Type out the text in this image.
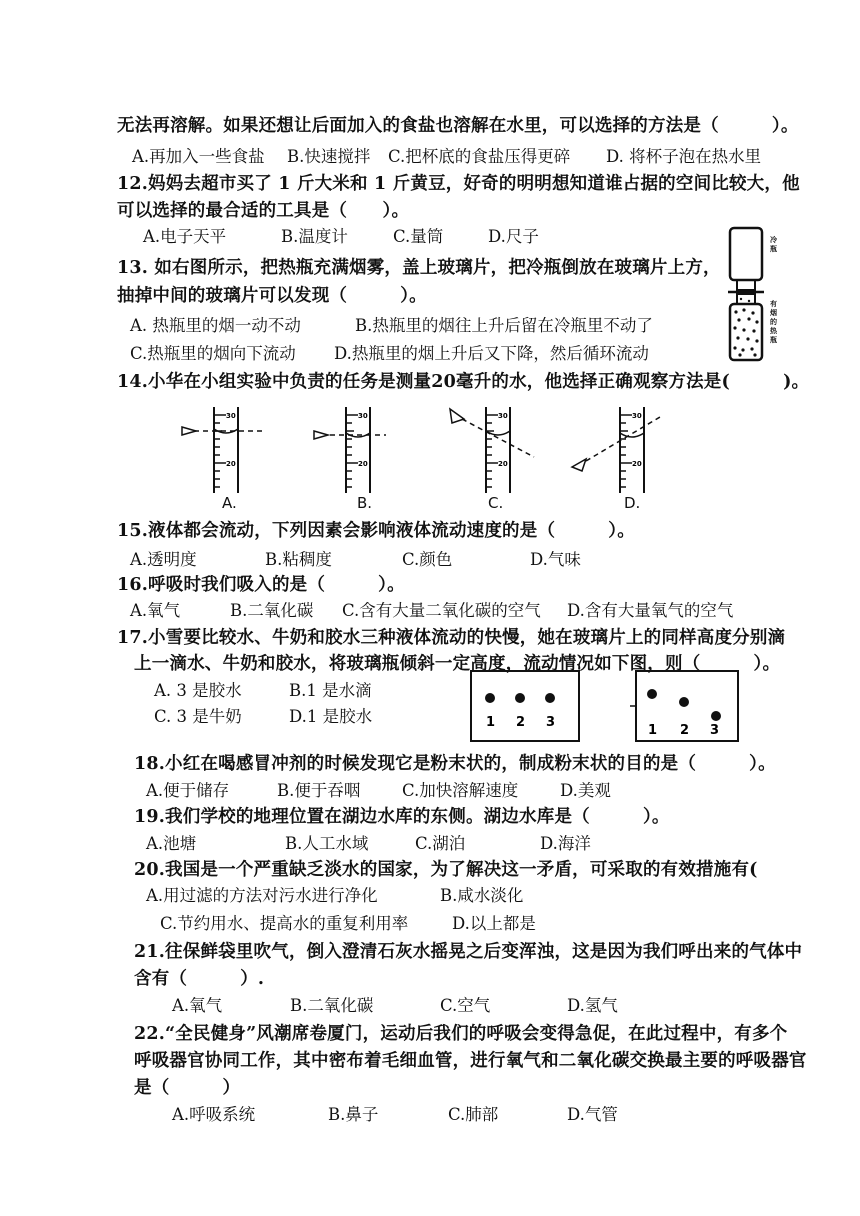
无法再溶解。如果还想让后面加入的食盐也溶解在水里，可以选择的方法是（　　　）。
A.再加入一些食盐 B.快速搅拌 C.把杯底的食盐压得更碎 D. 将杯子泡在热水里
12.妈妈去超市买了 1 斤大米和 1 斤黄豆，好奇的明明想知道谁占据的空间比较大，他
可以选择的最合适的工具是（　　）。
A.电子天平	B.温度计	C.量筒	D.尺子
13. 如右图所示，把热瓶充满烟雾，盖上玻璃片，把冷瓶倒放在玻璃片上方，
抽掉中间的玻璃片可以发现（　　　）。
A. 热瓶里的烟一动不动	B.热瓶里的烟往上升后留在冷瓶里不动了
C.热瓶里的烟向下流动 D.热瓶里的烟上升后又下降，然后循环流动
冷瓶
有烟的热瓶
14.小华在小组实验中负责的任务是测量20毫升的水，他选择正确观察方法是(　　　)。
30
20
A.
30
20
B.
30
20
C.
30
20
D.
15.液体都会流动，下列因素会影响液体流动速度的是（　　　）。
A.透明度	B.粘稠度	C.颜色	D.气味
16.呼吸时我们吸入的是（　　　）。
A.氧气	B.二氧化碳 C.含有大量二氧化碳的空气 D.含有大量氧气的空气
17.小雪要比较水、牛奶和胶水三种液体流动的快慢，她在玻璃片上的同样高度分别滴
上一滴水、牛奶和胶水，将玻璃瓶倾斜一定高度，流动情况如下图，则（　　　）。
A. 3 是胶水	B.1 是水滴
C. 3 是牛奶	D.1 是胶水	1 2 3
1 2 3
18.小红在喝感冒冲剂的时候发现它是粉末状的，制成粉末状的目的是（　　　）。
A.便于储存	B.便于吞咽	C.加快溶解速度	D.美观
19.我们学校的地理位置在湖边水库的东侧。湖边水库是（　　　）。
A.池塘	B.人工水域	C.湖泊	D.海洋
20.我国是一个严重缺乏淡水的国家，为了解决这一矛盾，可采取的有效措施有(
A.用过滤的方法对污水进行净化	B.咸水淡化
C.节约用水、提高水的重复利用率	D.以上都是
21.往保鲜袋里吹气，倒入澄清石灰水摇晃之后变浑浊，这是因为我们呼出来的气体中
含有（　　　）.
A.氧气	B.二氧化碳	C.空气	D.氢气
22.“全民健身”风潮席卷厦门，运动后我们的呼吸会变得急促，在此过程中，有多个
呼吸器官协同工作，其中密布着毛细血管，进行氧气和二氧化碳交换最主要的呼吸器官
是（　　　）
A.呼吸系统	B.鼻子	C.肺部	D.气管
